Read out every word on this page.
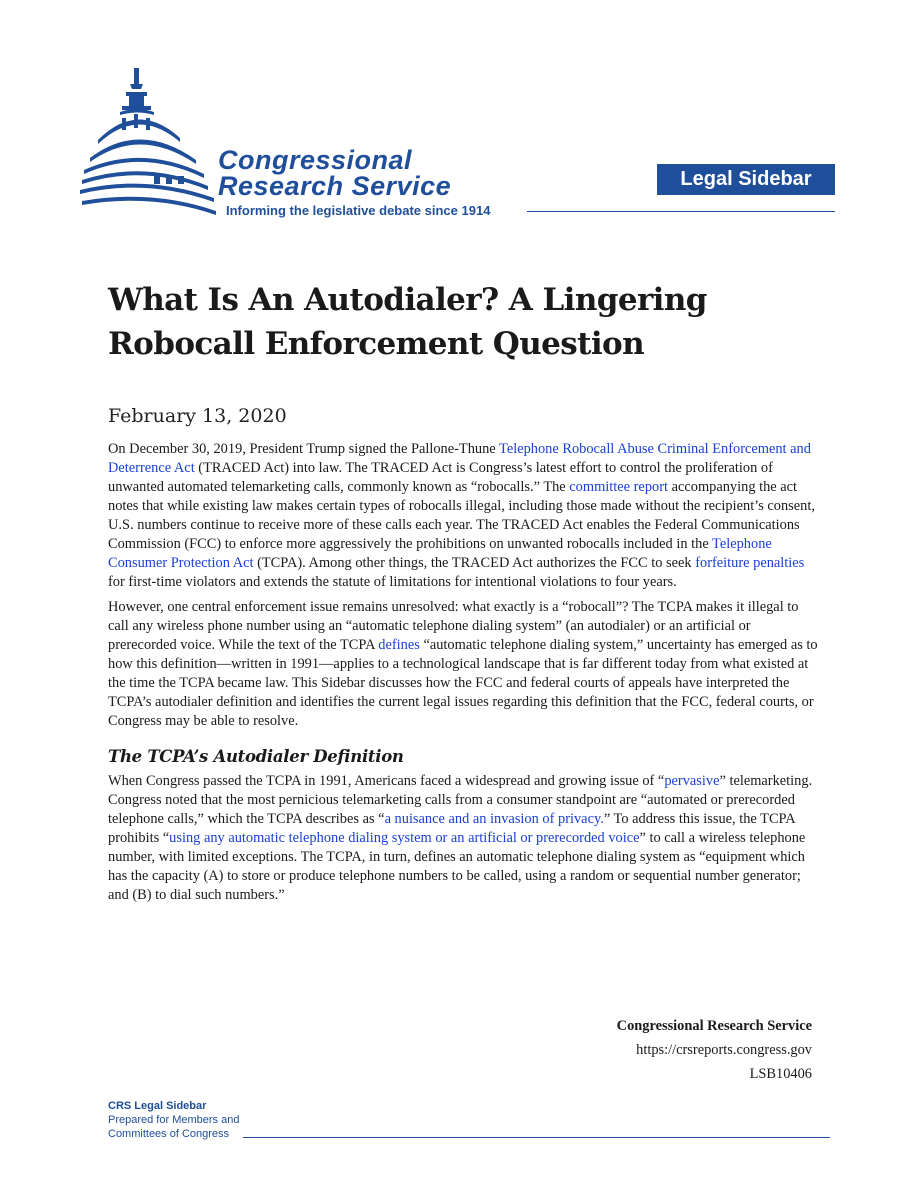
Congressional
Research Service
Informing the legislative debate since 1914
Legal Sidebar
What Is An Autodialer? A Lingering Robocall Enforcement Question
February 13, 2020

On December 30, 2019, President Trump signed the Pallone-Thune Telephone Robocall Abuse Criminal Enforcement and Deterrence Act (TRACED Act) into law. The TRACED Act is Congress’s latest effort to control the proliferation of unwanted automated telemarketing calls, commonly known as “robocalls.” The committee report accompanying the act notes that while existing law makes certain types of robocalls illegal, including those made without the recipient’s consent, U.S. numbers continue to receive more of these calls each year. The TRACED Act enables the Federal Communications Commission (FCC) to enforce more aggressively the prohibitions on unwanted robocalls included in the Telephone Consumer Protection Act (TCPA). Among other things, the TRACED Act authorizes the FCC to seek forfeiture penalties for first-time violators and extends the statute of limitations for intentional violations to four years.

However, one central enforcement issue remains unresolved: what exactly is a “robocall”? The TCPA makes it illegal to call any wireless phone number using an “automatic telephone dialing system” (an autodialer) or an artificial or prerecorded voice. While the text of the TCPA defines “automatic telephone dialing system,” uncertainty has emerged as to how this definition—written in 1991—applies to a technological landscape that is far different today from what existed at the time the TCPA became law. This Sidebar discusses how the FCC and federal courts of appeals have interpreted the TCPA’s autodialer definition and identifies the current legal issues regarding this definition that the FCC, federal courts, or Congress may be able to resolve.

The TCPA’s Autodialer Definition

When Congress passed the TCPA in 1991, Americans faced a widespread and growing issue of “pervasive” telemarketing. Congress noted that the most pernicious telemarketing calls from a consumer standpoint are “automated or prerecorded telephone calls,” which the TCPA describes as “a nuisance and an invasion of privacy.” To address this issue, the TCPA prohibits “using any automatic telephone dialing system or an artificial or prerecorded voice” to call a wireless telephone number, with limited exceptions. The TCPA, in turn, defines an automatic telephone dialing system as “equipment which has the capacity (A) to store or produce telephone numbers to be called, using a random or sequential number generator; and (B) to dial such numbers.”

Congressional Research Service
https://crsreports.congress.gov
LSB10406
CRS Legal Sidebar
Prepared for Members and
Committees of Congress
